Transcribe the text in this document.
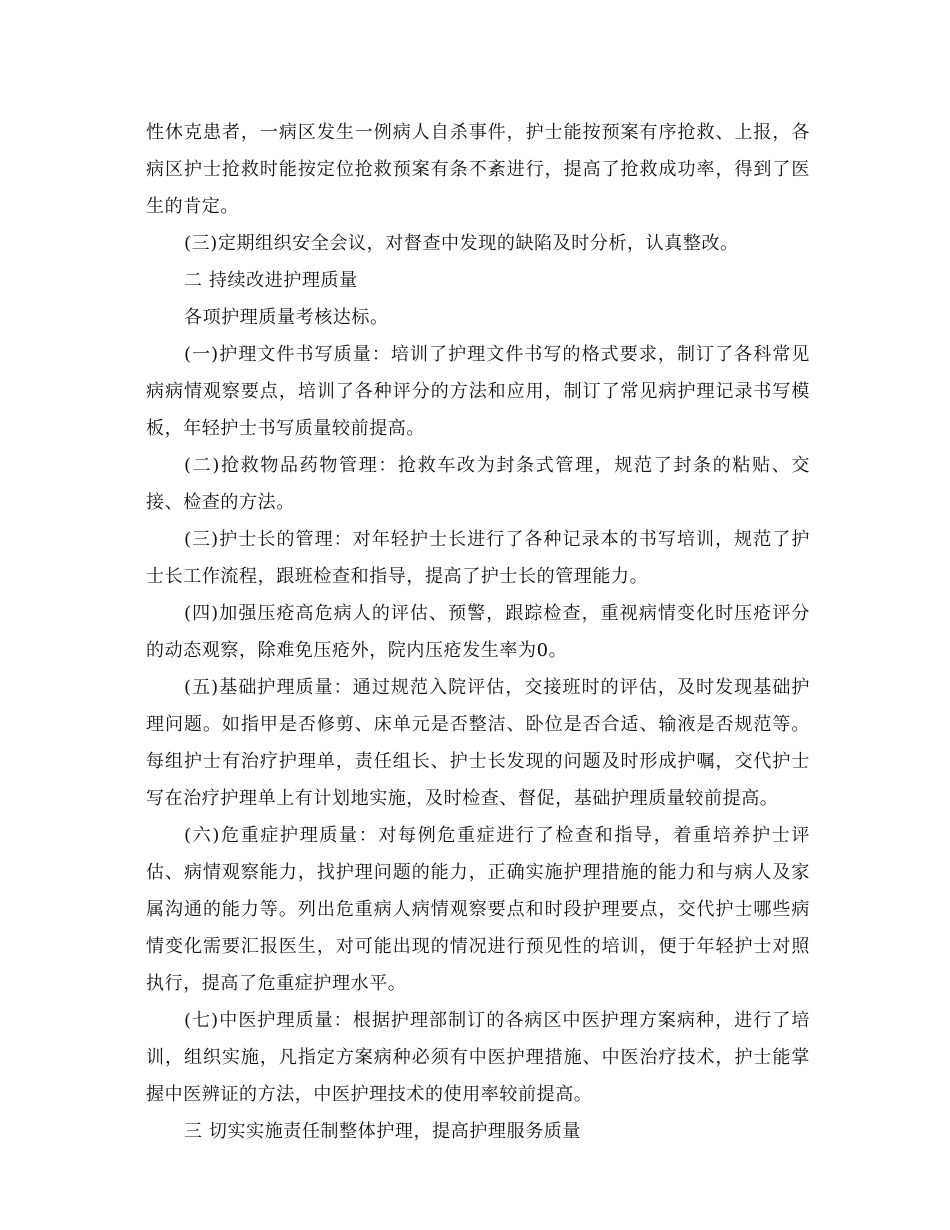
性休克患者，一病区发生一例病人自杀事件，护士能按预案有序抢救、上报，各病区护士抢救时能按定位抢救预案有条不紊进行，提高了抢救成功率，得到了医生的肯定。

(三)定期组织安全会议，对督查中发现的缺陷及时分析，认真整改。

二 持续改进护理质量

各项护理质量考核达标。

(一)护理文件书写质量：培训了护理文件书写的格式要求，制订了各科常见病病情观察要点，培训了各种评分的方法和应用，制订了常见病护理记录书写模板，年轻护士书写质量较前提高。

(二)抢救物品药物管理：抢救车改为封条式管理，规范了封条的粘贴、交接、检查的方法。

(三)护士长的管理：对年轻护士长进行了各种记录本的书写培训，规范了护士长工作流程，跟班检查和指导，提高了护士长的管理能力。

(四)加强压疮高危病人的评估、预警，跟踪检查，重视病情变化时压疮评分的动态观察，除难免压疮外，院内压疮发生率为0。

(五)基础护理质量：通过规范入院评估，交接班时的评估，及时发现基础护理问题。如指甲是否修剪、床单元是否整洁、卧位是否合适、输液是否规范等。每组护士有治疗护理单，责任组长、护士长发现的问题及时形成护嘱，交代护士写在治疗护理单上有计划地实施，及时检查、督促，基础护理质量较前提高。

(六)危重症护理质量：对每例危重症进行了检查和指导，着重培养护士评估、病情观察能力，找护理问题的能力，正确实施护理措施的能力和与病人及家属沟通的能力等。列出危重病人病情观察要点和时段护理要点，交代护士哪些病情变化需要汇报医生，对可能出现的情况进行预见性的培训，便于年轻护士对照执行，提高了危重症护理水平。

(七)中医护理质量：根据护理部制订的各病区中医护理方案病种，进行了培训，组织实施，凡指定方案病种必须有中医护理措施、中医治疗技术，护士能掌握中医辨证的方法，中医护理技术的使用率较前提高。

三 切实实施责任制整体护理，提高护理服务质量
